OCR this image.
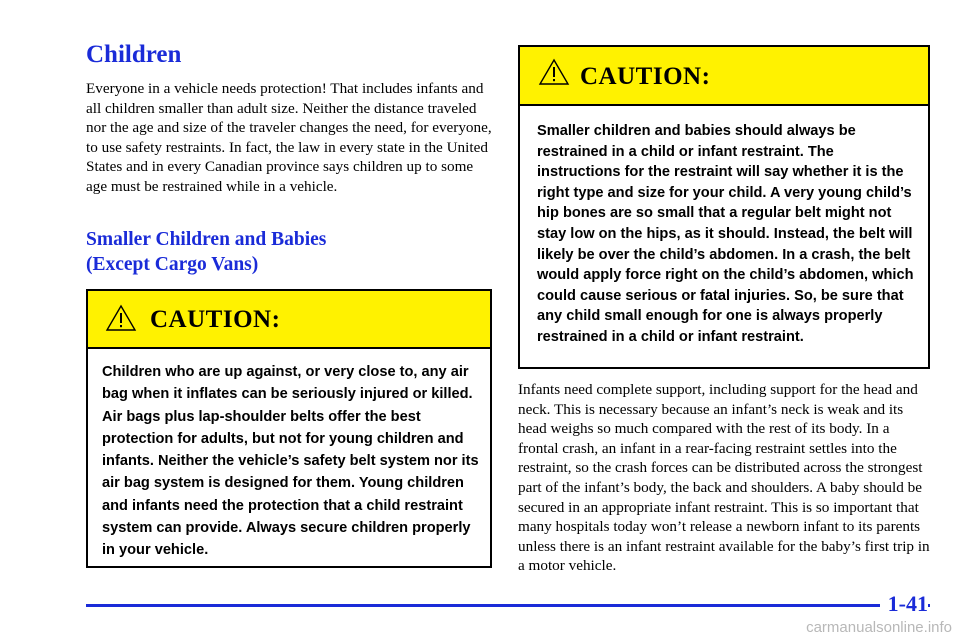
Children

Everyone in a vehicle needs protection! That includes infants and all children smaller than adult size. Neither the distance traveled nor the age and size of the traveler changes the need, for everyone, to use safety restraints. In fact, the law in every state in the United States and in every Canadian province says children up to some age must be restrained while in a vehicle.

Smaller Children and Babies
(Except Cargo Vans)
CAUTION:

Children who are up against, or very close to, any air bag when it inflates can be seriously injured or killed. Air bags plus lap-shoulder belts offer the best protection for adults, but not for young children and infants. Neither the vehicle’s safety belt system nor its air bag system is designed for them. Young children and infants need the protection that a child restraint system can provide. Always secure children properly in your vehicle.

CAUTION:

Smaller children and babies should always be restrained in a child or infant restraint. The instructions for the restraint will say whether it is the right type and size for your child. A very young child’s hip bones are so small that a regular belt might not stay low on the hips, as it should. Instead, the belt will likely be over the child’s abdomen. In a crash, the belt would apply force right on the child’s abdomen, which could cause serious or fatal injuries. So, be sure that any child small enough for one is always properly restrained in a child or infant restraint.

Infants need complete support, including support for the head and neck. This is necessary because an infant’s neck is weak and its head weighs so much compared with the rest of its body. In a frontal crash, an infant in a rear-facing restraint settles into the restraint, so the crash forces can be distributed across the strongest part of the infant’s body, the back and shoulders. A baby should be secured in an appropriate infant restraint. This is so important that many hospitals today won’t release a newborn infant to its parents unless there is an infant restraint available for the baby’s first trip in a motor vehicle.

1-41
carmanualsonline.info
